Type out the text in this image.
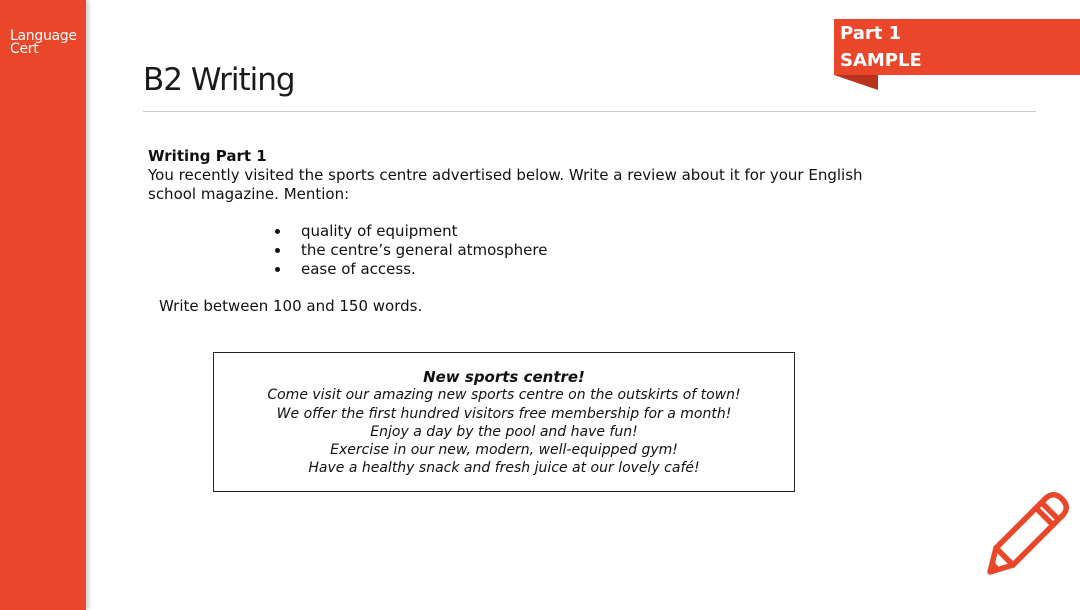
Language
Cert
Part 1
SAMPLE
B2 Writing

Writing Part 1

You recently visited the sports centre advertised below. Write a review about it for your English school magazine. Mention:

• quality of equipment
• the centre’s general atmosphere
• ease of access.

Write between 100 and 150 words.

New sports centre!
Come visit our amazing new sports centre on the outskirts of town!
We offer the first hundred visitors free membership for a month!
Enjoy a day by the pool and have fun!
Exercise in our new, modern, well-equipped gym!
Have a healthy snack and fresh juice at our lovely café!
